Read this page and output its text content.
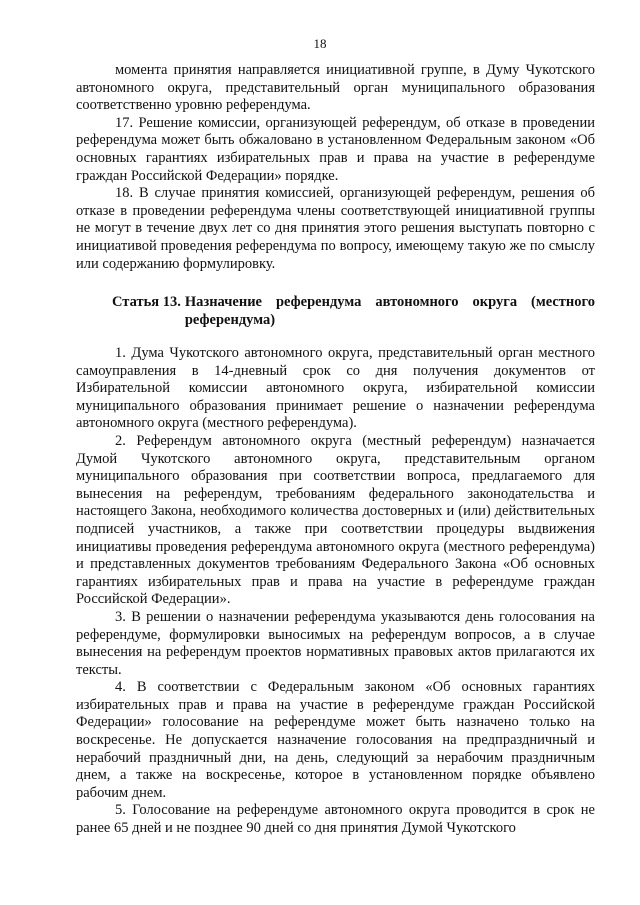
18

момента принятия направляется инициативной группе, в Думу Чукотского автономного округа, представительный орган муниципального образования соответственно уровню референдума.

17. Решение комиссии, организующей референдум, об отказе в проведении референдума может быть обжаловано в установленном Федеральным законом «Об основных гарантиях избирательных прав и права на участие в референдуме граждан Российской Федерации» порядке.

18. В случае принятия комиссией, организующей референдум, решения об отказе в проведении референдума члены соответствующей инициативной группы не могут в течение двух лет со дня принятия этого решения выступать повторно с инициативой проведения референдума по вопросу, имеющему такую же по смыслу или содержанию формулировку.

Статья 13. Назначение референдума автономного округа (местного референдума)

1. Дума Чукотского автономного округа, представительный орган местного самоуправления в 14-дневный срок со дня получения документов от Избирательной комиссии автономного округа, избирательной комиссии муниципального образования принимает решение о назначении референдума автономного округа (местного референдума).

2. Референдум автономного округа (местный референдум) назначается Думой Чукотского автономного округа, представительным органом муниципального образования при соответствии вопроса, предлагаемого для вынесения на референдум, требованиям федерального законодательства и настоящего Закона, необходимого количества достоверных и (или) действительных подписей участников, а также при соответствии процедуры выдвижения инициативы проведения референдума автономного округа (местного референдума) и представленных документов требованиям Федерального Закона «Об основных гарантиях избирательных прав и права на участие в референдуме граждан Российской Федерации».

3. В решении о назначении референдума указываются день голосования на референдуме, формулировки выносимых на референдум вопросов, а в случае вынесения на референдум проектов нормативных правовых актов прилагаются их тексты.

4. В соответствии с Федеральным законом «Об основных гарантиях избирательных прав и права на участие в референдуме граждан Российской Федерации» голосование на референдуме может быть назначено только на воскресенье. Не допускается назначение голосования на предпраздничный и нерабочий праздничный дни, на день, следующий за нерабочим праздничным днем, а также на воскресенье, которое в установленном порядке объявлено рабочим днем.

5. Голосование на референдуме автономного округа проводится в срок не ранее 65 дней и не позднее 90 дней со дня принятия Думой Чукотского
